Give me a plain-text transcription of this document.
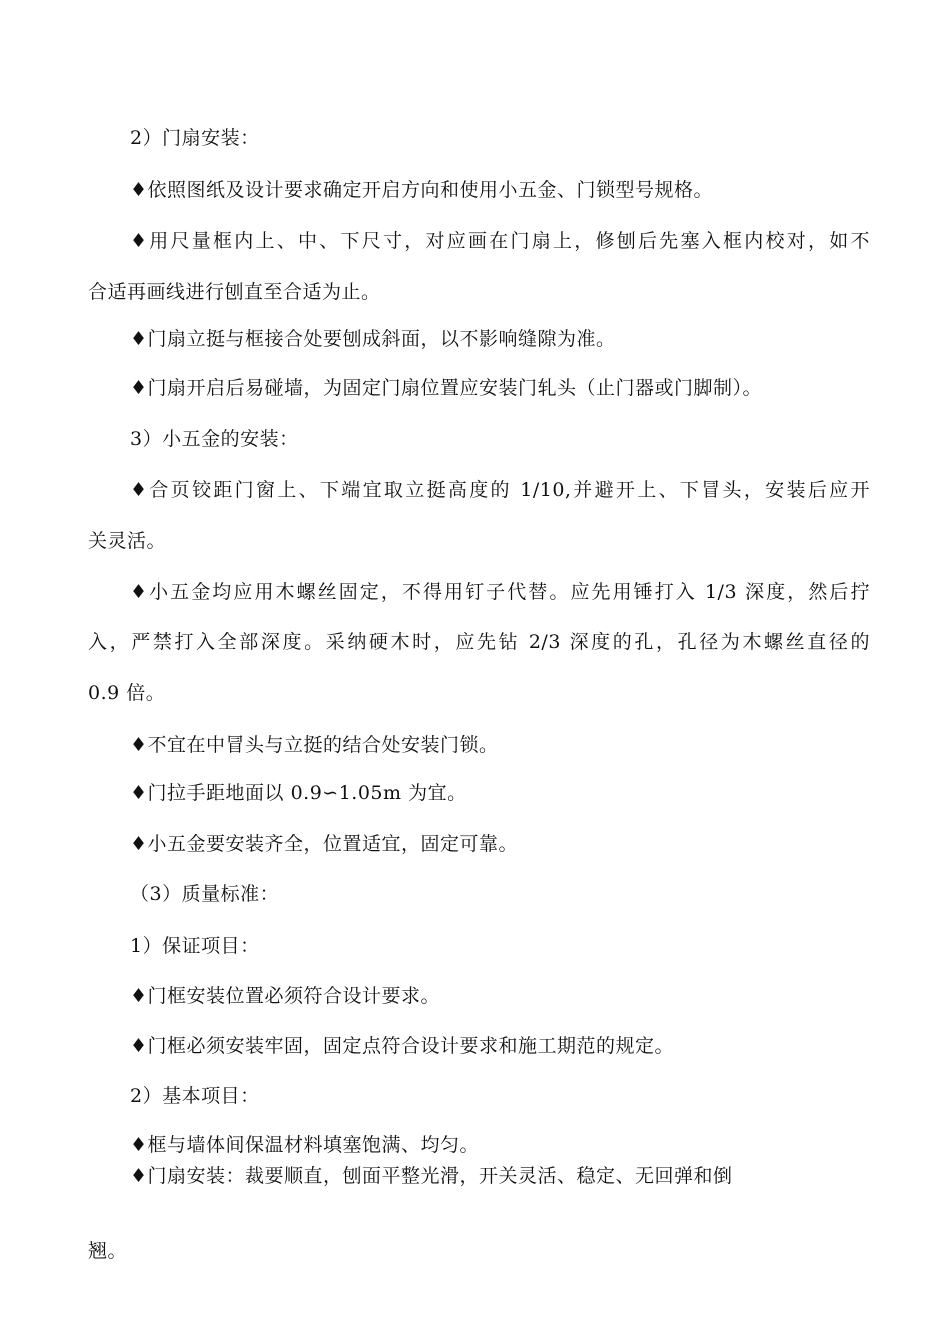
2）门扇安装：
♦依照图纸及设计要求确定开启方向和使用小五金、门锁型号规格。
♦用尺量框内上、中、下尺寸，对应画在门扇上，修刨后先塞入框内校对，如不
合适再画线进行刨直至合适为止。
♦门扇立挺与框接合处要刨成斜面，以不影响缝隙为准。
♦门扇开启后易碰墙，为固定门扇位置应安装门轧头（止门器或门脚制）。
3）小五金的安装：
♦合页铰距门窗上、下端宜取立挺高度的 1/10,并避开上、下冒头，安装后应开
关灵活。
♦小五金均应用木螺丝固定，不得用钉子代替。应先用锤打入 1/3 深度，然后拧
入，严禁打入全部深度。采纳硬木时，应先钻 2/3 深度的孔，孔径为木螺丝直径的
0.9 倍。
♦不宜在中冒头与立挺的结合处安装门锁。
♦门拉手距地面以 0.9∽1.05m 为宜。
♦小五金要安装齐全，位置适宜，固定可靠。
（3）质量标准：
1）保证项目：
♦门框安装位置必须符合设计要求。
♦门框必须安装牢固，固定点符合设计要求和施工期范的规定。
2）基本项目：
♦框与墙体间保温材料填塞饱满、均匀。
♦门扇安装：裁要顺直，刨面平整光滑，开关灵活、稳定、无回弹和倒
翘。
